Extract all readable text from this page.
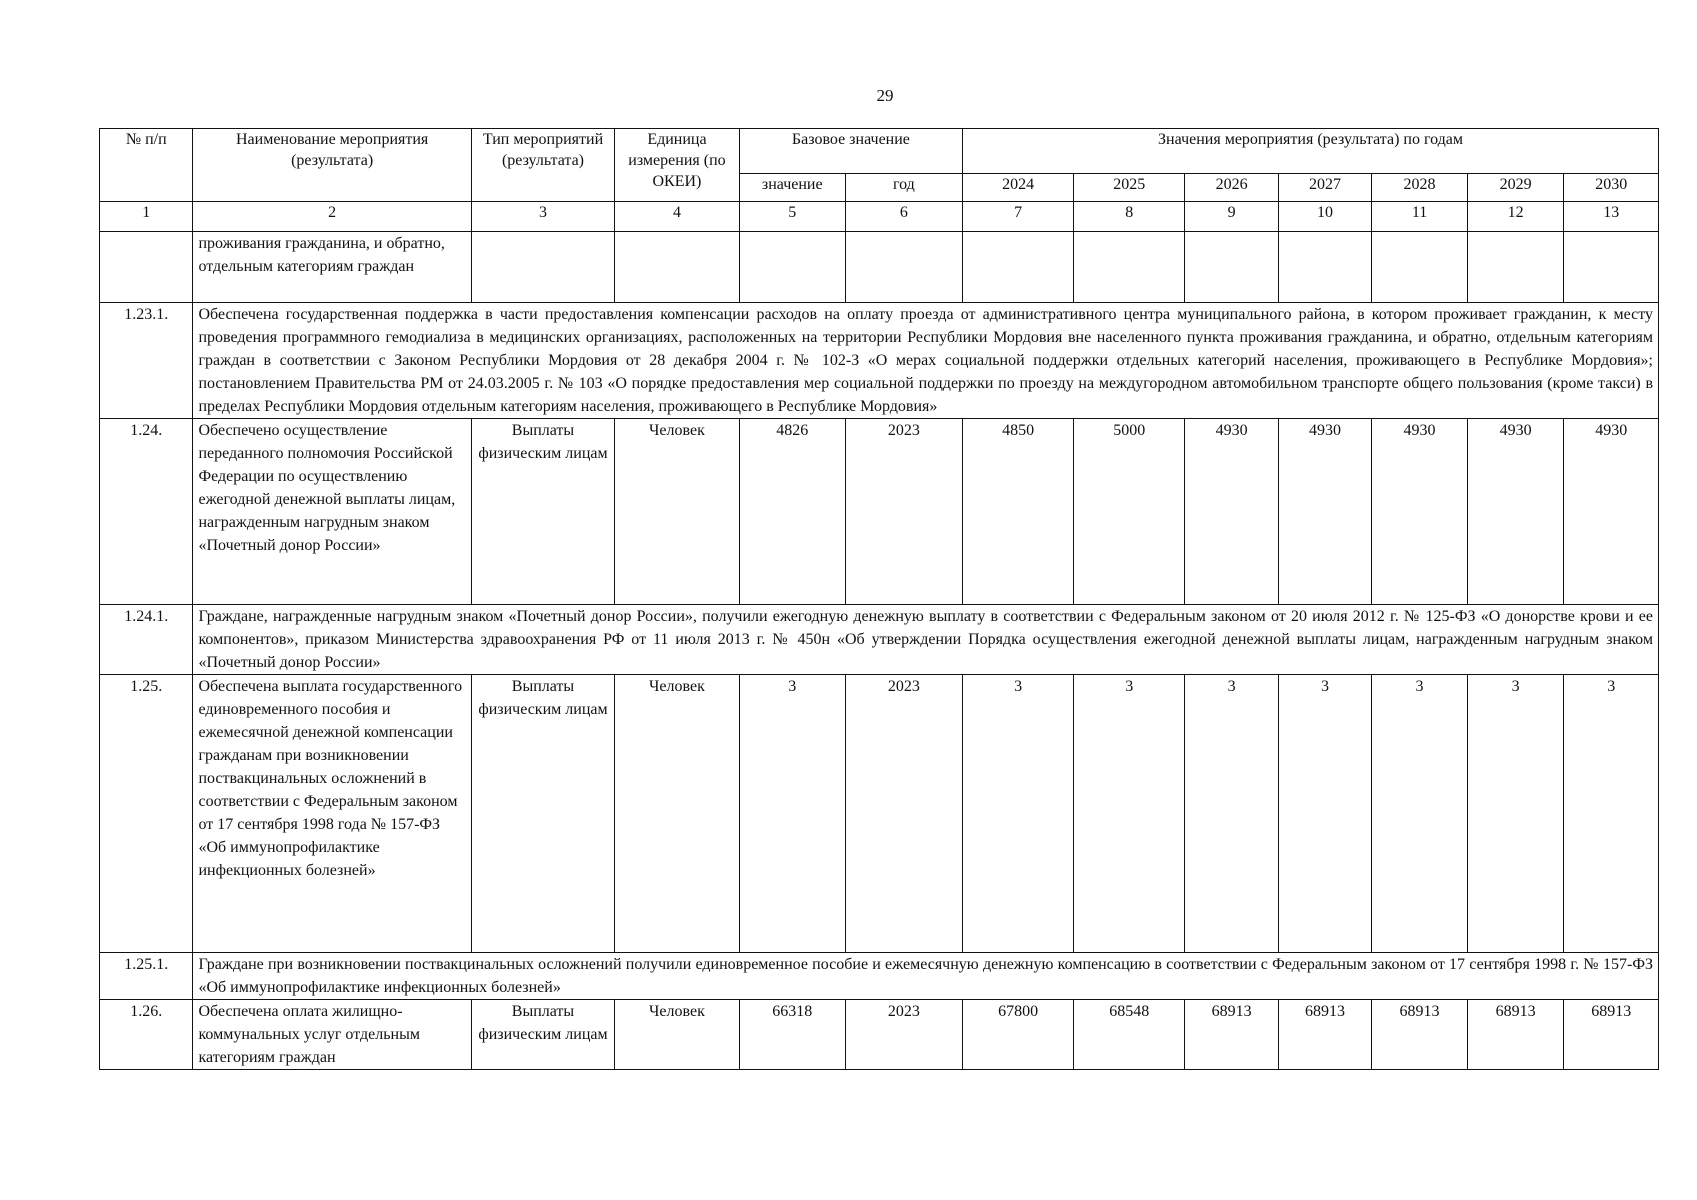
29
№ п/п	Наименование мероприятия (результата)	Тип мероприятий (результата)	Единица измерения (по ОКЕИ)	Базовое значение		Значения мероприятия (результата) по годам						
				значение	год	2024	2025	2026	2027	2028	2029	2030
1	2	3	4	5	6	7	8	9	10	11	12	13
	проживания гражданина, и обратно, отдельным категориям граждан											
1.23.1.	Обеспечена государственная поддержка в части предоставления компенсации расходов на оплату проезда от административного центра муниципального района, в котором проживает гражданин, к месту проведения программного гемодиализа в медицинских организациях, расположенных на территории Республики Мордовия вне населенного пункта проживания гражданина, и обратно, отдельным категориям граждан в соответствии с Законом Республики Мордовия от 28 декабря 2004 г. № 102-З «О мерах социальной поддержки отдельных категорий населения, проживающего в Республике Мордовия»; постановлением Правительства РМ от 24.03.2005 г. № 103 «О порядке предоставления мер социальной поддержки по проезду на междугородном автомобильном транспорте общего пользования (кроме такси) в пределах Республики Мордовия отдельным категориям населения, проживающего в Республике Мордовия»											
1.24.	Обеспечено осуществление переданного полномочия Российской Федерации по осуществлению ежегодной денежной выплаты лицам, награжденным нагрудным знаком «Почетный донор России»	Выплаты физическим лицам	Человек	4826	2023	4850	5000	4930	4930	4930	4930	4930
1.24.1.	Граждане, награжденные нагрудным знаком «Почетный донор России», получили ежегодную денежную выплату в соответствии с Федеральным законом от 20 июля 2012 г. № 125-ФЗ «О донорстве крови и ее компонентов», приказом Министерства здравоохранения РФ от 11 июля 2013 г. № 450н «Об утверждении Порядка осуществления ежегодной денежной выплаты лицам, награжденным нагрудным знаком «Почетный донор России»											
1.25.	Обеспечена выплата государственного единовременного пособия и ежемесячной денежной компенсации гражданам при возникновении поствакцинальных осложнений в соответствии с Федеральным законом от 17 сентября 1998 года № 157-ФЗ «Об иммунопрофилактике инфекционных болезней»	Выплаты физическим лицам	Человек	3	2023	3	3	3	3	3	3	3
1.25.1.	Граждане при возникновении поствакцинальных осложнений получили единовременное пособие и ежемесячную денежную компенсацию в соответствии с Федеральным законом от 17 сентября 1998 г. № 157-ФЗ «Об иммунопрофилактике инфекционных болезней»											
1.26.	Обеспечена оплата жилищно-коммунальных услуг отдельным категориям граждан	Выплаты физическим лицам	Человек	66318	2023	67800	68548	68913	68913	68913	68913	68913
